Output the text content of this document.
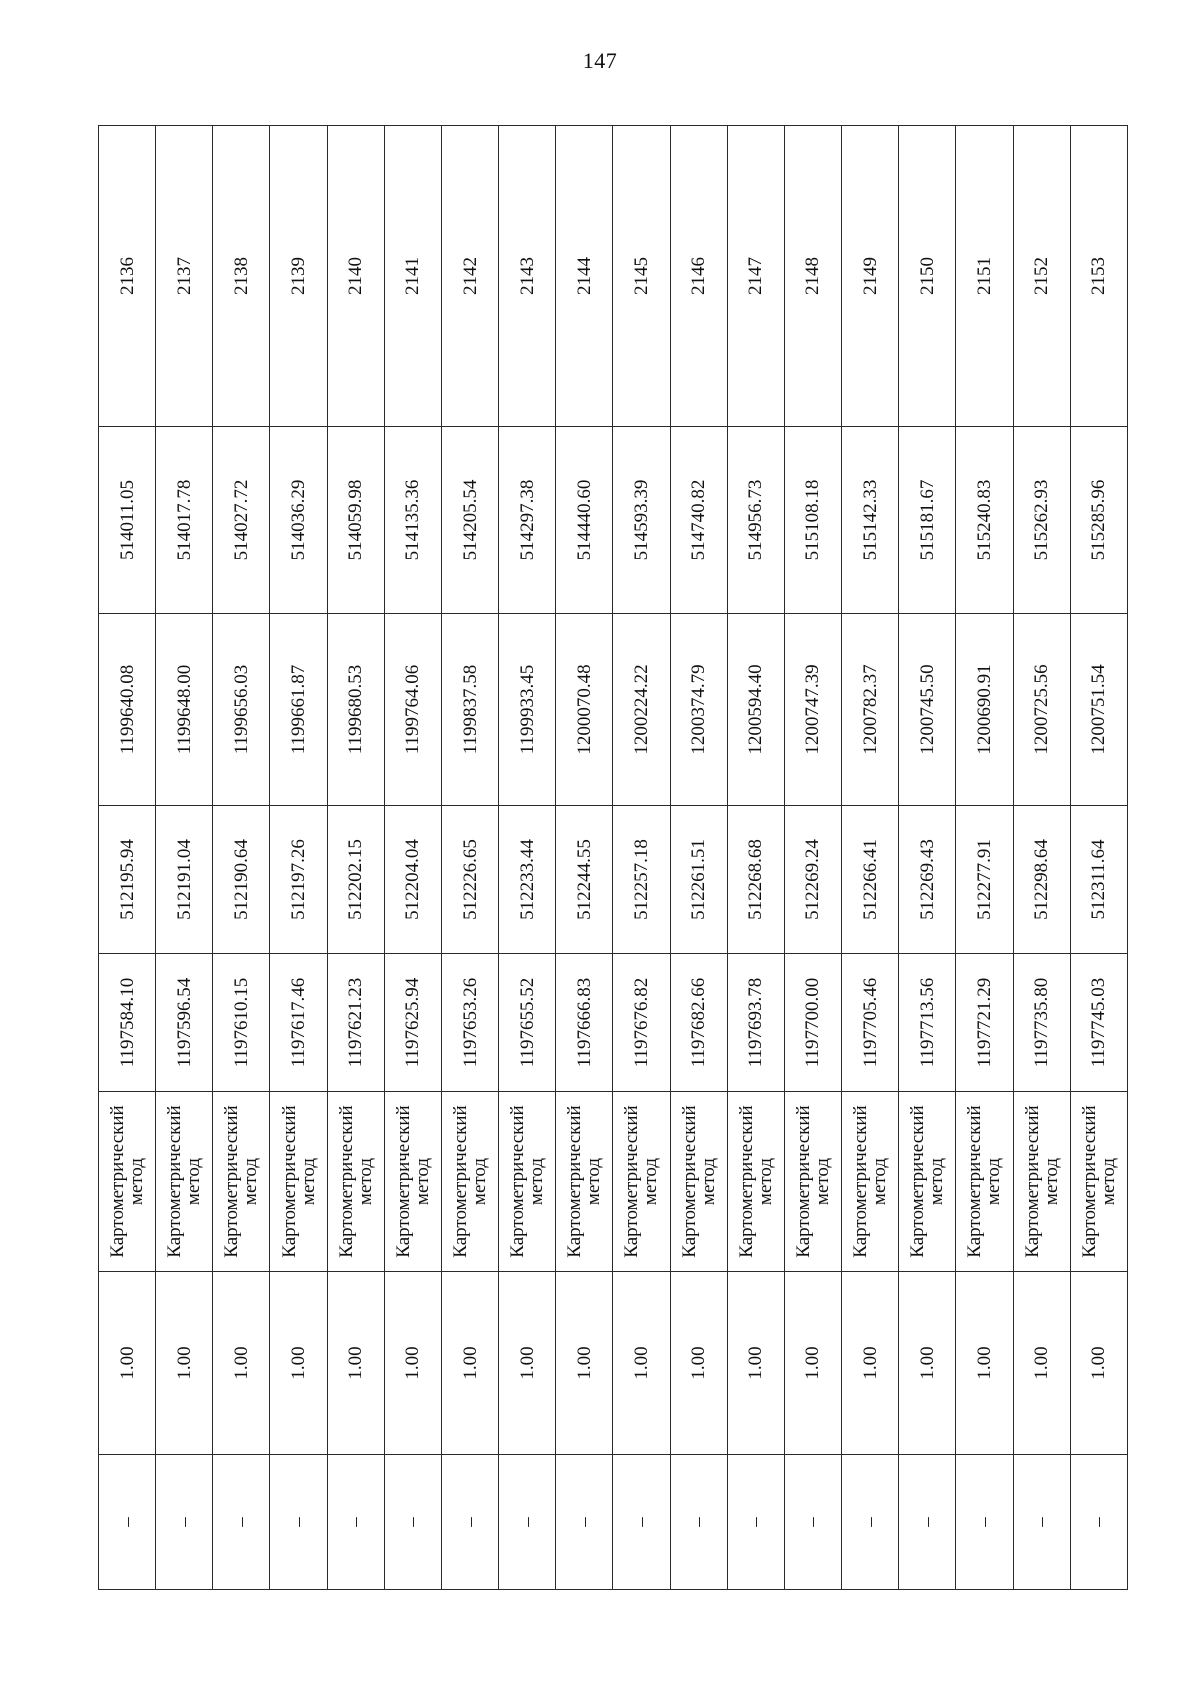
147
–	1.00	Картометрический
метод	1197584.10	512195.94	1199640.08	514011.05	2136
–	1.00	Картометрический
метод	1197596.54	512191.04	1199648.00	514017.78	2137
–	1.00	Картометрический
метод	1197610.15	512190.64	1199656.03	514027.72	2138
–	1.00	Картометрический
метод	1197617.46	512197.26	1199661.87	514036.29	2139
–	1.00	Картометрический
метод	1197621.23	512202.15	1199680.53	514059.98	2140
–	1.00	Картометрический
метод	1197625.94	512204.04	1199764.06	514135.36	2141
–	1.00	Картометрический
метод	1197653.26	512226.65	1199837.58	514205.54	2142
–	1.00	Картометрический
метод	1197655.52	512233.44	1199933.45	514297.38	2143
–	1.00	Картометрический
метод	1197666.83	512244.55	1200070.48	514440.60	2144
–	1.00	Картометрический
метод	1197676.82	512257.18	1200224.22	514593.39	2145
–	1.00	Картометрический
метод	1197682.66	512261.51	1200374.79	514740.82	2146
–	1.00	Картометрический
метод	1197693.78	512268.68	1200594.40	514956.73	2147
–	1.00	Картометрический
метод	1197700.00	512269.24	1200747.39	515108.18	2148
–	1.00	Картометрический
метод	1197705.46	512266.41	1200782.37	515142.33	2149
–	1.00	Картометрический
метод	1197713.56	512269.43	1200745.50	515181.67	2150
–	1.00	Картометрический
метод	1197721.29	512277.91	1200690.91	515240.83	2151
–	1.00	Картометрический
метод	1197735.80	512298.64	1200725.56	515262.93	2152
–	1.00	Картометрический
метод	1197745.03	512311.64	1200751.54	515285.96	2153
